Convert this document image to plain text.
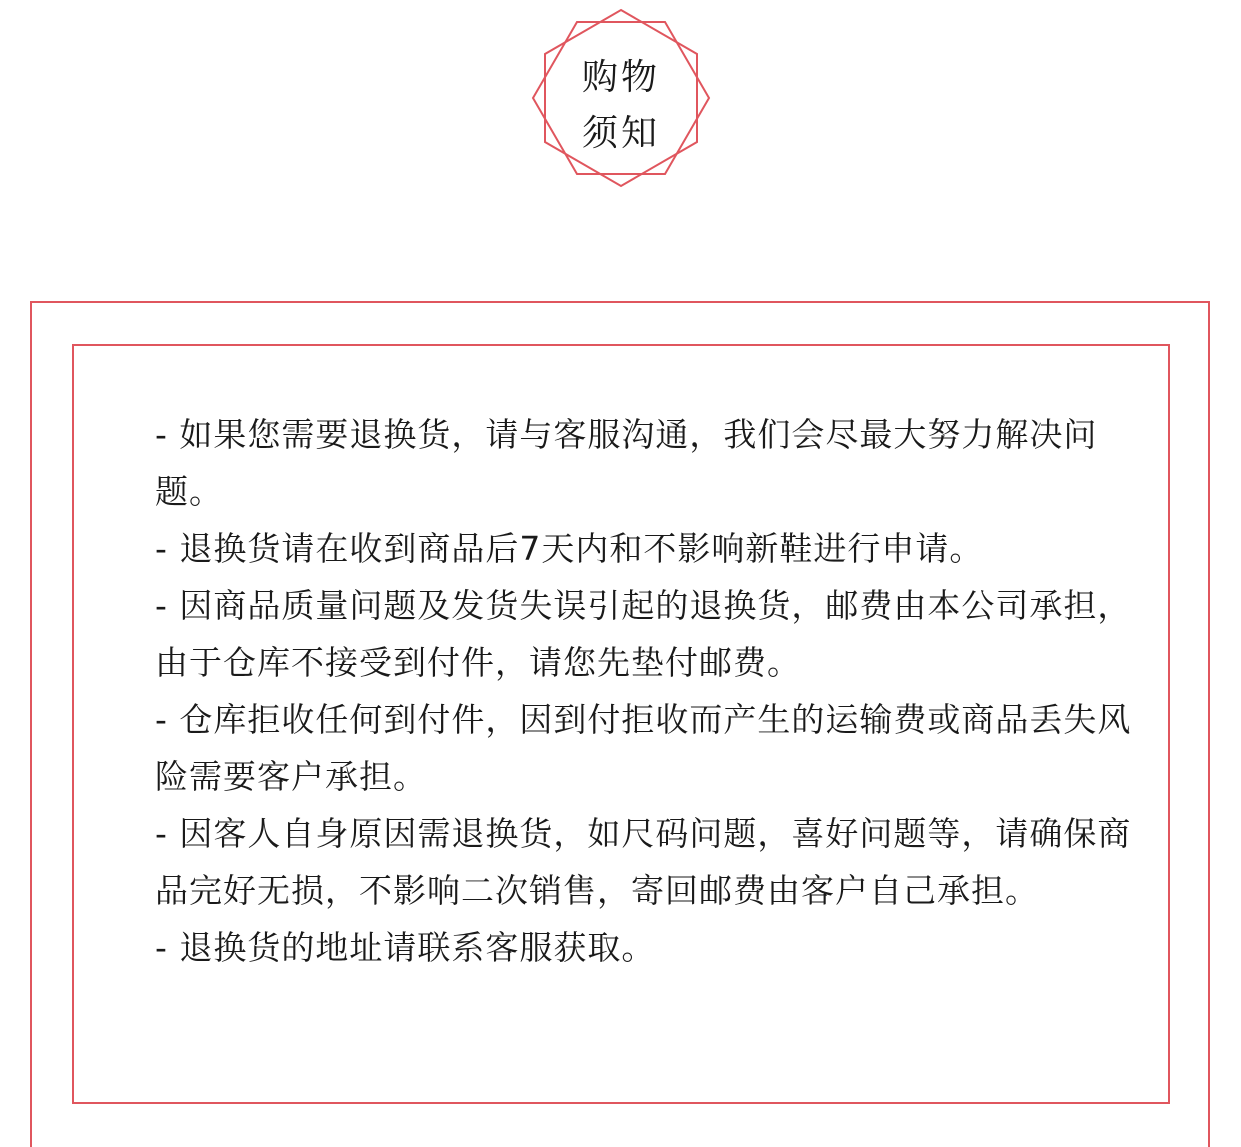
购物
须知
- 如果您需要退换货，请与客服沟通，我们会尽最大努力解决问题。
- 退换货请在收到商品后7天内和不影响新鞋进行申请。
- 因商品质量问题及发货失误引起的退换货，邮费由本公司承担，由于仓库不接受到付件，请您先垫付邮费。
- 仓库拒收任何到付件，因到付拒收而产生的运输费或商品丢失风险需要客户承担。
- 因客人自身原因需退换货，如尺码问题，喜好问题等，请确保商品完好无损，不影响二次销售，寄回邮费由客户自己承担。
- 退换货的地址请联系客服获取。
